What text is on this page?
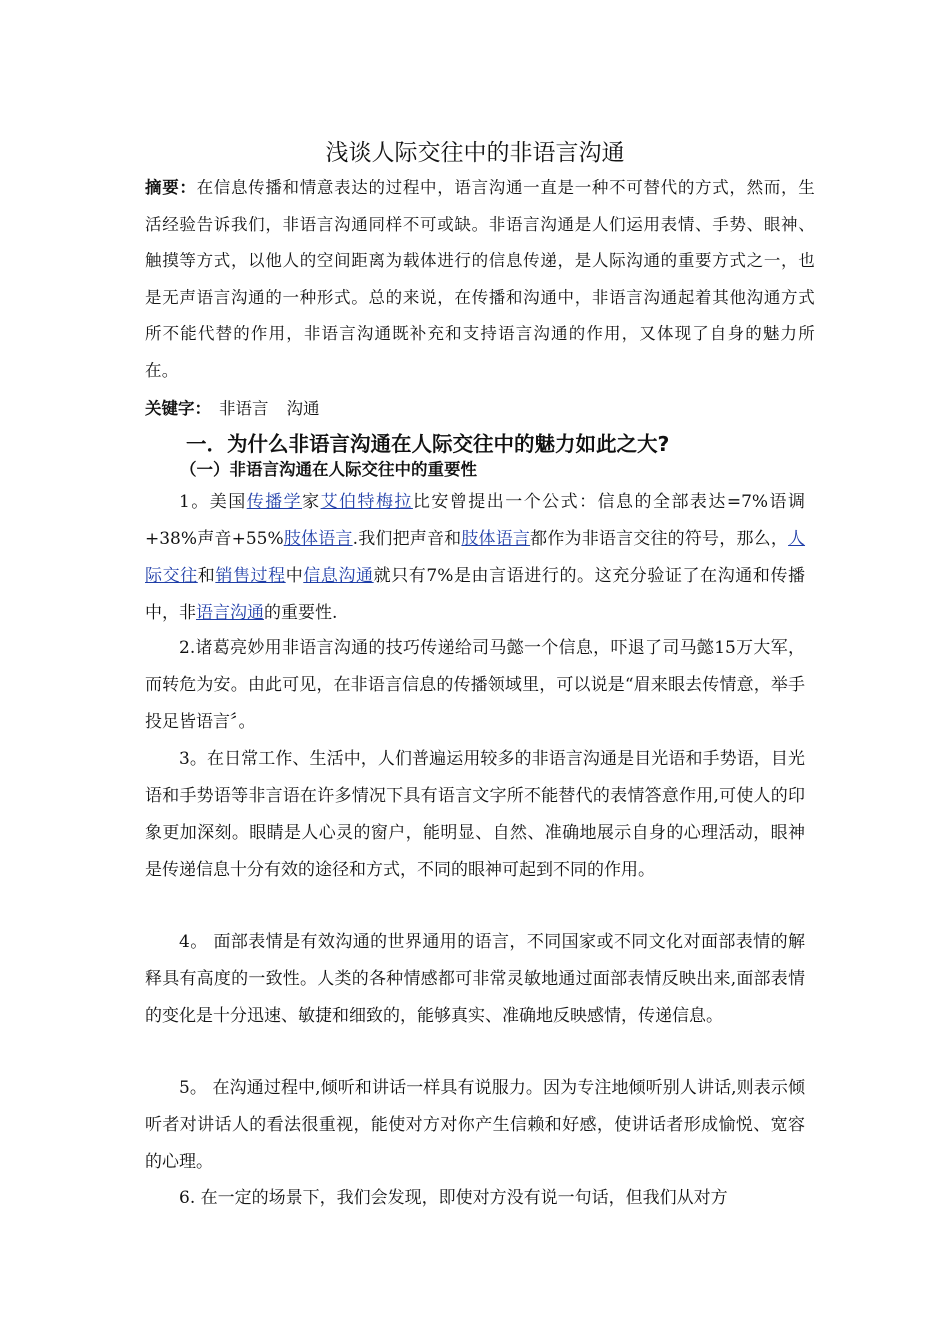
浅谈人际交往中的非语言沟通
摘要：在信息传播和情意表达的过程中，语言沟通一直是一种不可替代的方式，然而，生活经验告诉我们，非语言沟通同样不可或缺。非语言沟通是人们运用表情、手势、眼神、触摸等方式，以他人的空间距离为载体进行的信息传递，是人际沟通的重要方式之一，也是无声语言沟通的一种形式。总的来说，在传播和沟通中，非语言沟通起着其他沟通方式所不能代替的作用，非语言沟通既补充和支持语言沟通的作用，又体现了自身的魅力所在。
关键字： 非语言 沟通
一．为什么非语言沟通在人际交往中的魅力如此之大?
（一）非语言沟通在人际交往中的重要性
1。美国传播学家艾伯特梅拉比安曾提出一个公式：信息的全部表达=7%语调+38%声音+55%肢体语言.我们把声音和肢体语言都作为非语言交往的符号，那么，人际交往和销售过程中信息沟通就只有7%是由言语进行的。这充分验证了在沟通和传播中，非语言沟通的重要性.
2.诸葛亮妙用非语言沟通的技巧传递给司马懿一个信息，吓退了司马懿15万大军，而转危为安。由此可见，在非语言信息的传播领域里，可以说是“眉来眼去传情意，举手投足皆语言〞。
3。在日常工作、生活中，人们普遍运用较多的非语言沟通是目光语和手势语，目光语和手势语等非言语在许多情况下具有语言文字所不能替代的表情答意作用,可使人的印象更加深刻。眼睛是人心灵的窗户，能明显、自然、准确地展示自身的心理活动，眼神是传递信息十分有效的途径和方式，不同的眼神可起到不同的作用。
4。 面部表情是有效沟通的世界通用的语言，不同国家或不同文化对面部表情的解释具有高度的一致性。人类的各种情感都可非常灵敏地通过面部表情反映出来,面部表情的变化是十分迅速、敏捷和细致的，能够真实、准确地反映感情，传递信息。
5。 在沟通过程中,倾听和讲话一样具有说服力。因为专注地倾听别人讲话,则表示倾听者对讲话人的看法很重视，能使对方对你产生信赖和好感，使讲话者形成愉悦、宽容的心理。
6. 在一定的场景下，我们会发现，即使对方没有说一句话，但我们从对方
